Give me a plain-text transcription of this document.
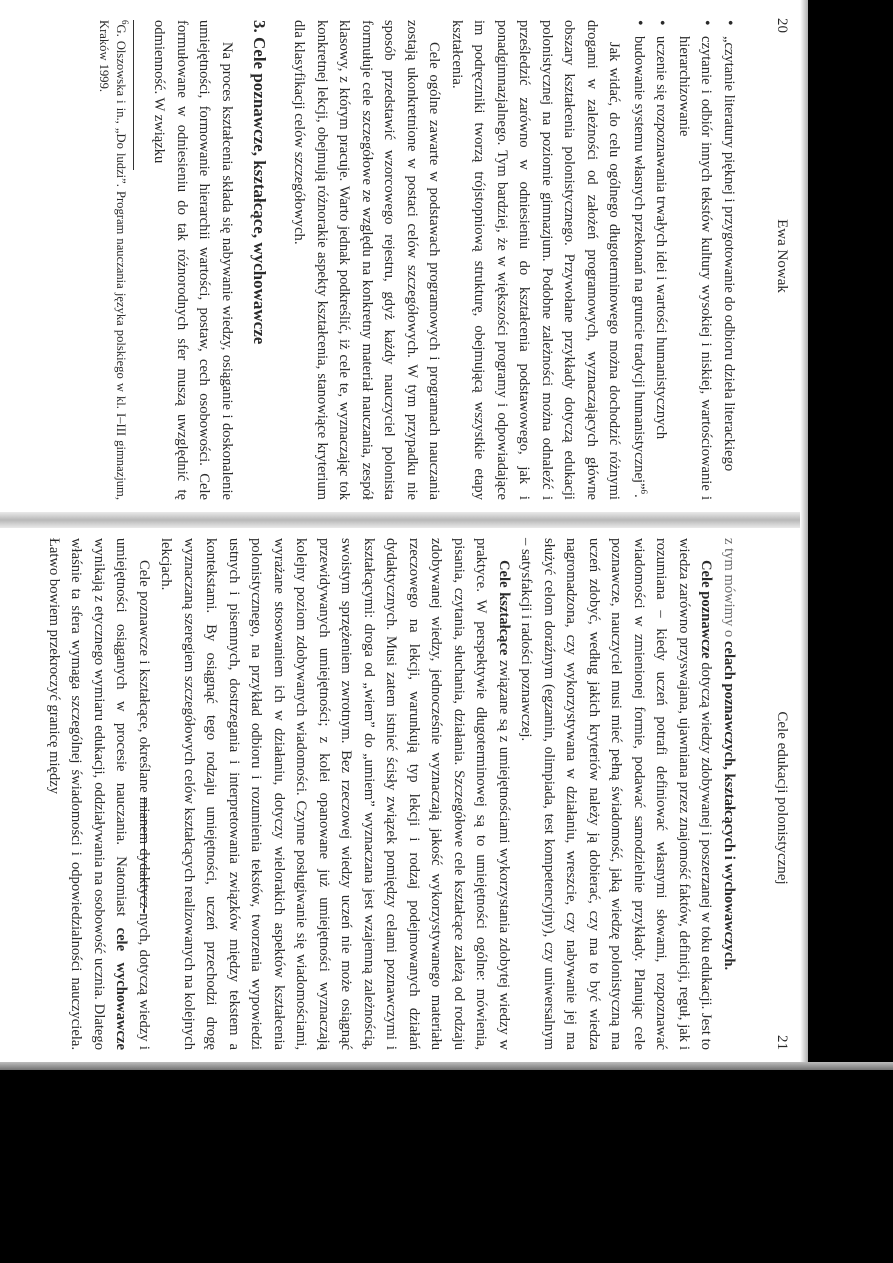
20
Ewa Nowak
• „czytanie literatury pięknej i przygotowanie do odbioru dzieła literackiego
• czytanie i odbiór innych tekstów kultury wysokiej i niskiej, wartościowanie i hierarchizowanie
• uczenie się rozpoznawania trwałych idei i wartości humanistycznych
• budowanie systemu własnych przekonań na gruncie tradycji humanistycznej”$^6$.

Jak widać, do celu ogólnego długoterminowego można dochodzić różnymi drogami w zależności od założeń programowych, wyznaczających główne obszary kształcenia polonistycznego. Przywołane przykłady dotyczą edukacji polonistycznej na poziomie gimnazjum. Podobne zależności można odnaleźć i prześledzić zarówno w odniesieniu do kształcenia podstawowego, jak i ponadgimnazjalnego. Tym bardziej, że w większości programy i odpowiadające im podręczniki tworzą trójstopniową strukturę, obejmującą wszystkie etapy kształcenia.

Cele ogólne zawarte w podstawach programowych i programach nauczania zostają ukonkretnione w postaci celów szczegółowych. W tym przypadku nie sposób przedstawić wzorcowego rejestru, gdyż każdy nauczyciel polonista formułuje cele szczegółowe ze względu na konkretny materiał nauczania, zespół klasowy, z którym pracuje. Warto jednak podkreślić, iż cele te, wyznaczając tok konkretnej lekcji, obejmują różnorakie aspekty kształcenia, stanowiące kryterium dla klasyfikacji celów szczegółowych.

3. Cele poznawcze, kształcące, wychowawcze

Na proces kształcenia składa się nabywanie wiedzy, osiąganie i doskonalenie umiejętności, formowanie hierarchii wartości, postaw, cech osobowości. Cele formułowane w odniesieniu do tak różnorodnych sfer muszą uwzględnić tę odmienność. W związku

$^6$G. Olszowska i in., „Do ludzi”. Program nauczania języka polskiego w kl. I–III gimnazjum, Kraków 1999.

Cele edukacji polonistycznej
21

z tym mówimy o celach poznawczych, kształcących i wychowawczych.

Cele poznawcze dotyczą wiedzy zdobywanej i poszerzanej w toku edukacji. Jest to wiedza zarówno przyswajana, ujawniana przez znajomość faktów, definicji, reguł, jak i rozumiana – kiedy uczeń potrafi definiować własnymi słowami, rozpoznawać wiadomości w zmienionej formie, podawać samodzielnie przykłady. Planując cele poznawcze, nauczyciel musi mieć pełną świadomość, jaką wiedzę polonistyczną ma uczeń zdobyć, według jakich kryteriów należy ją dobierać, czy ma to być wiedza nagromadzona, czy wykorzystywana w działaniu, wreszcie, czy nabywanie jej ma służyć celom doraźnym (egzamin, olimpiada, test kompetencyjny), czy uniwersalnym – satysfakcji i radości poznawczej.

Cele kształcące związane są z umiejętnościami wykorzystania zdobytej wiedzy w praktyce. W perspektywie długoterminowej są to umiejętności ogólne: mówienia, pisania, czytania, słuchania, działania. Szczegółowe cele kształcące zależą od rodzaju zdobywanej wiedzy, jednocześnie wyznaczają jakość wykorzystywanego materiału rzeczowego na lekcji, warunkują typ lekcji i rodzaj podejmowanych działań dydaktycznych. Musi zatem istnieć ścisły związek pomiędzy celami poznawczymi i kształcącymi: droga od „wiem” do „umiem” wyznaczana jest wzajemną zależnością, swoistym sprzężeniem zwrotnym. Bez rzeczowej wiedzy uczeń nie może osiągnąć przewidywanych umiejętności; z kolei opanowane już umiejętności wyznaczają kolejny poziom zdobywanych wiadomości. Czynne posługiwanie się wiadomościami, wyrażane stosowaniem ich w działaniu, dotyczy wielorakich aspektów kształcenia polonistycznego, na przykład odbioru i rozumienia tekstów, tworzenia wypowiedzi ustnych i pisemnych, dostrzegania i interpretowania związków między tekstem a kontekstami. By osiągnąć tego rodzaju umiejętności, uczeń przechodzi drogę wyznaczaną szeregiem szczegółowych celów kształcących realizowanych na kolejnych lekcjach.

Cele poznawcze i kształcące, określane mianem dydaktycz-nych, dotyczą wiedzy i umiejętności osiąganych w procesie nauczania. Natomiast cele wychowawcze wynikają z etycznego wymiaru edukacji, oddziaływania na osobowość ucznia. Dlatego właśnie ta sfera wymaga szczególnej świadomości i odpowiedzialności nauczyciela. Łatwo bowiem przekroczyć granicę między
